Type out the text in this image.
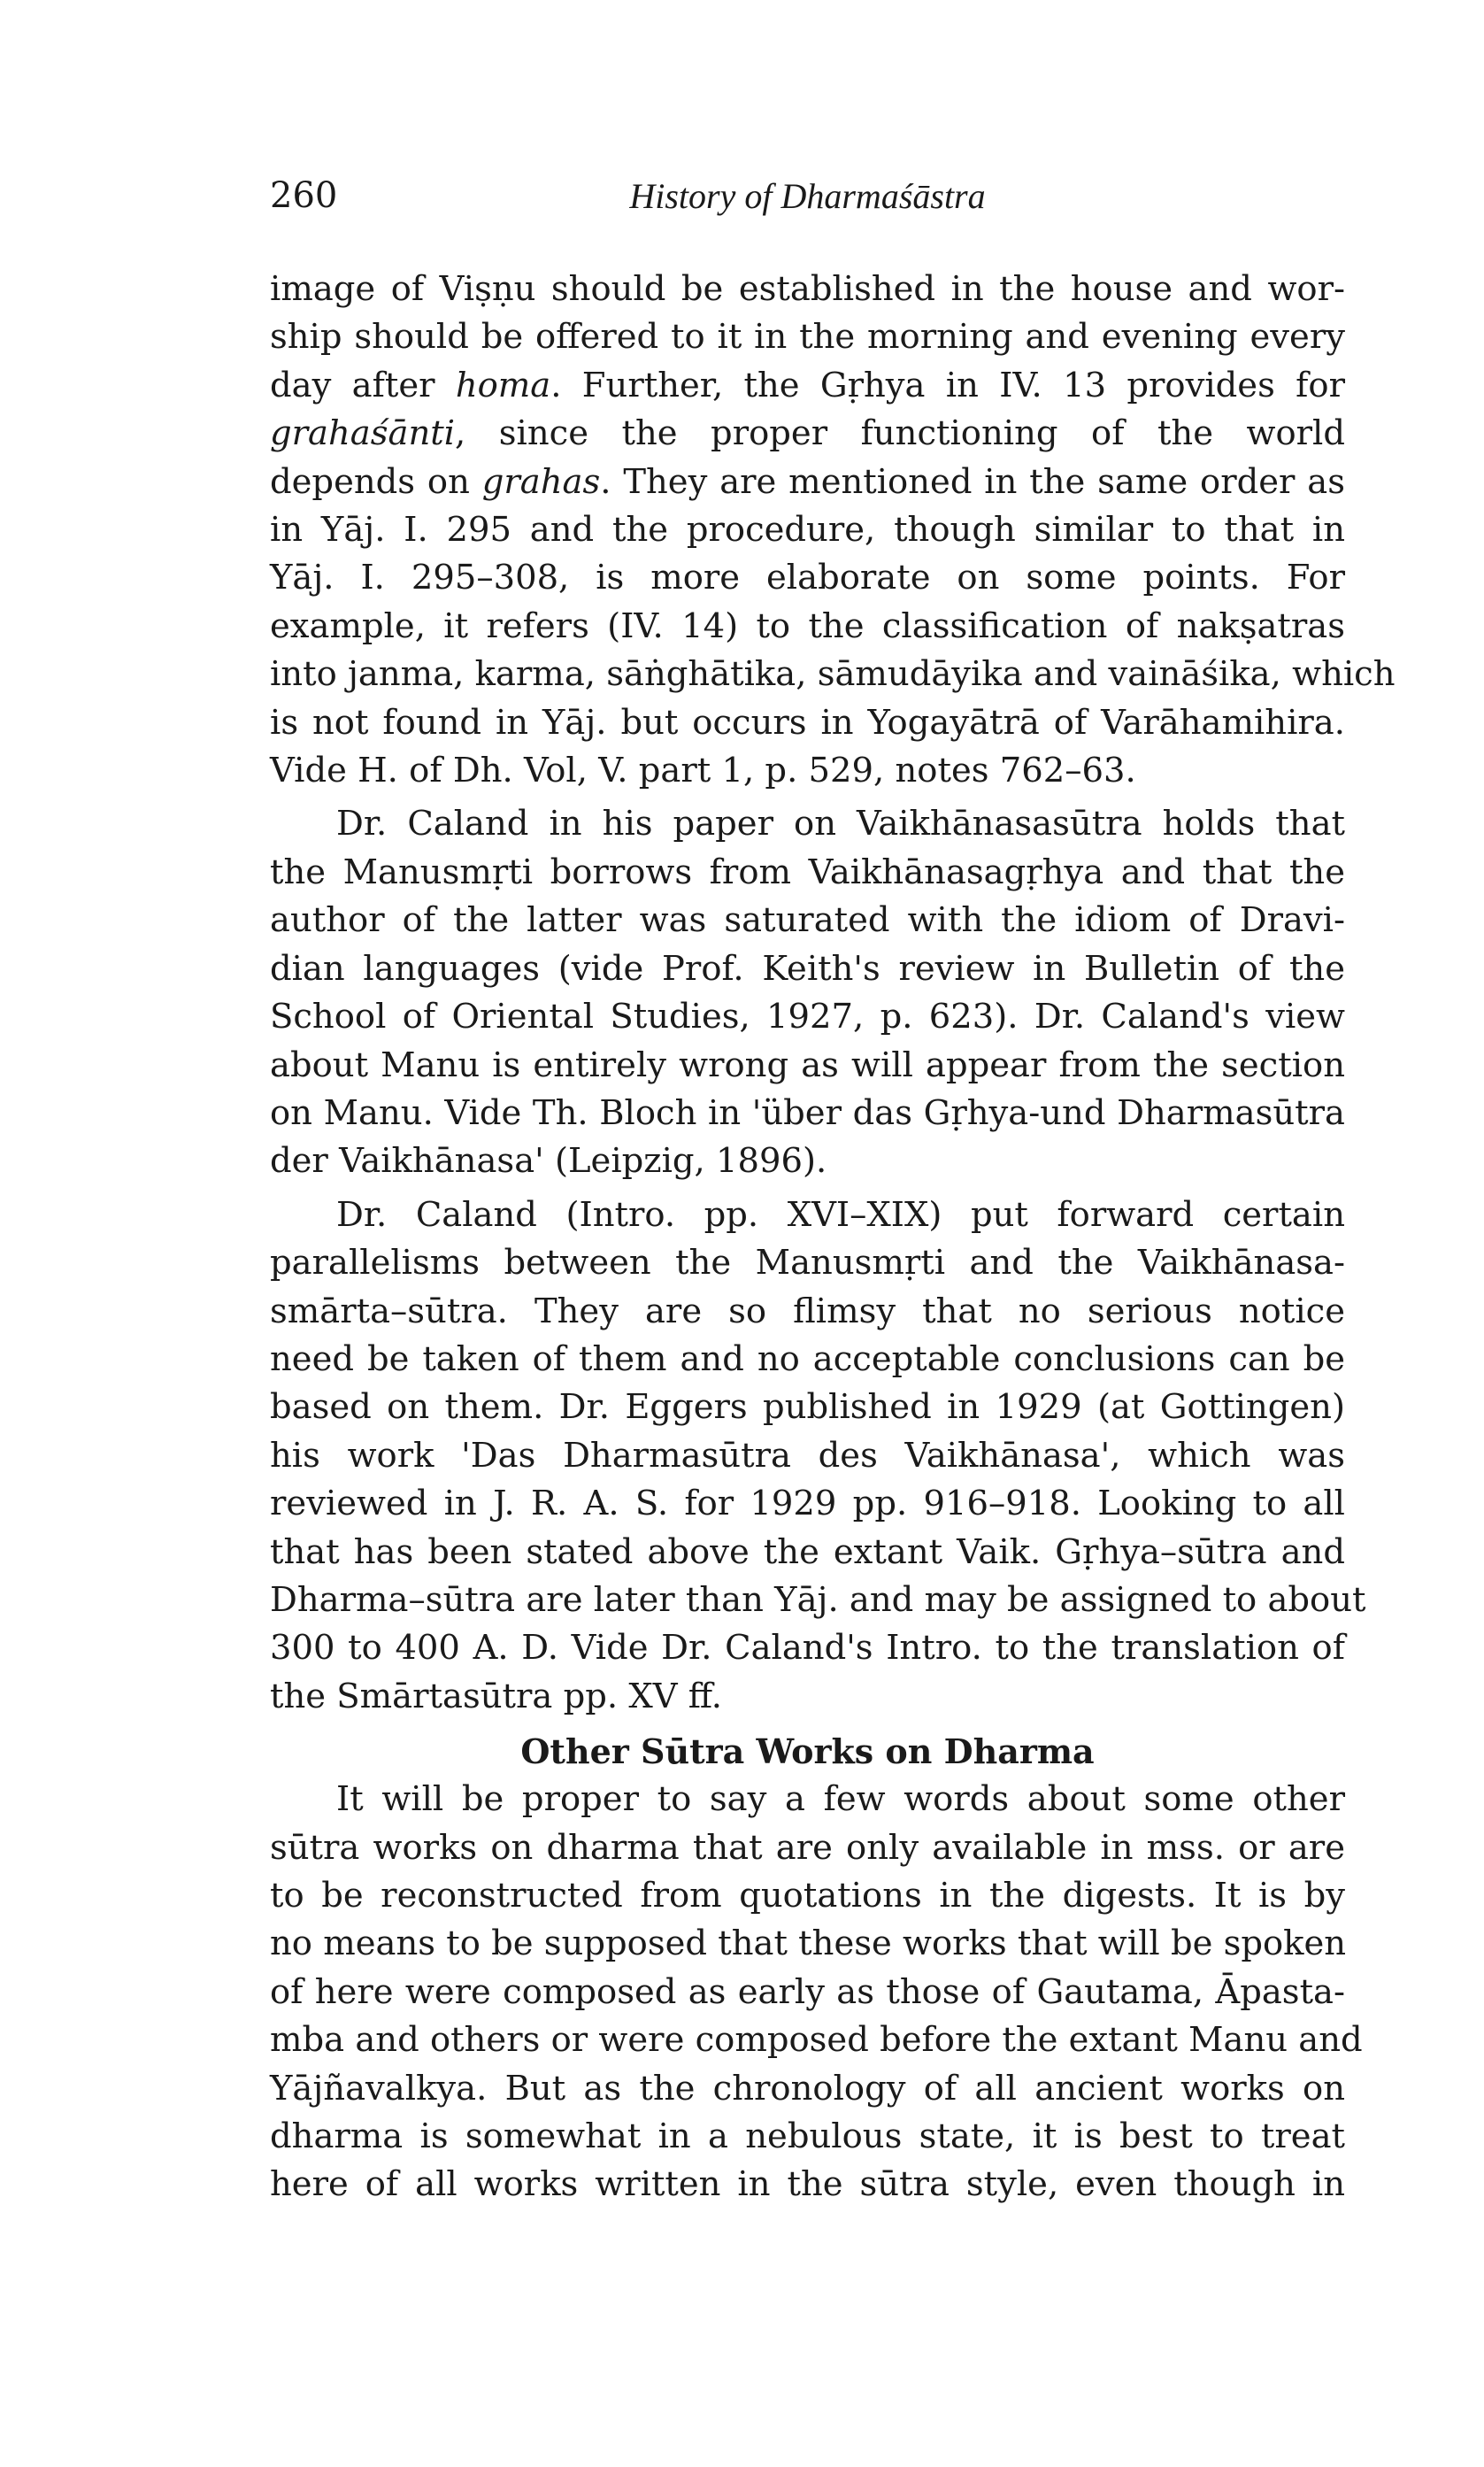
260	History of Dharmaśāstra
image of Viṣṇu should be established in the house and wor-
ship should be offered to it in the morning and evening every
day after homa. Further, the Gṛhya in IV. 13 provides for
grahaśānti, since the proper functioning of the world
depends on grahas. They are mentioned in the same order as
in Yāj. I. 295 and the procedure, though similar to that in
Yāj. I. 295–308, is more elaborate on some points. For
example, it refers (IV. 14) to the classification of nakṣatras
into janma, karma, sāṅghātika, sāmudāyika and vaināśika, which
is not found in Yāj. but occurs in Yogayātrā of Varāhamihira.
Vide H. of Dh. Vol, V. part 1, p. 529, notes 762–63.
Dr. Caland in his paper on Vaikhānasasūtra holds that
the Manusmṛti borrows from Vaikhānasagṛhya and that the
author of the latter was saturated with the idiom of Dravi-
dian languages (vide Prof. Keith's review in Bulletin of the
School of Oriental Studies, 1927, p. 623). Dr. Caland's view
about Manu is entirely wrong as will appear from the section
on Manu. Vide Th. Bloch in 'über das Gṛhya-und Dharmasūtra
der Vaikhānasa' (Leipzig, 1896).
Dr. Caland (Intro. pp. XVI–XIX) put forward certain
parallelisms between the Manusmṛti and the Vaikhānasa-
smārta–sūtra. They are so flimsy that no serious notice
need be taken of them and no acceptable conclusions can be
based on them. Dr. Eggers published in 1929 (at Gottingen)
his work 'Das Dharmasūtra des Vaikhānasa', which was
reviewed in J. R. A. S. for 1929 pp. 916–918. Looking to all
that has been stated above the extant Vaik. Gṛhya–sūtra and
Dharma–sūtra are later than Yāj. and may be assigned to about
300 to 400 A. D. Vide Dr. Caland's Intro. to the translation of
the Smārtasūtra pp. XV ff.
Other Sūtra Works on Dharma
It will be proper to say a few words about some other
sūtra works on dharma that are only available in mss. or are
to be reconstructed from quotations in the digests. It is by
no means to be supposed that these works that will be spoken
of here were composed as early as those of Gautama, Āpasta-
mba and others or were composed before the extant Manu and
Yājñavalkya. But as the chronology of all ancient works on
dharma is somewhat in a nebulous state, it is best to treat
here of all works written in the sūtra style, even though in
